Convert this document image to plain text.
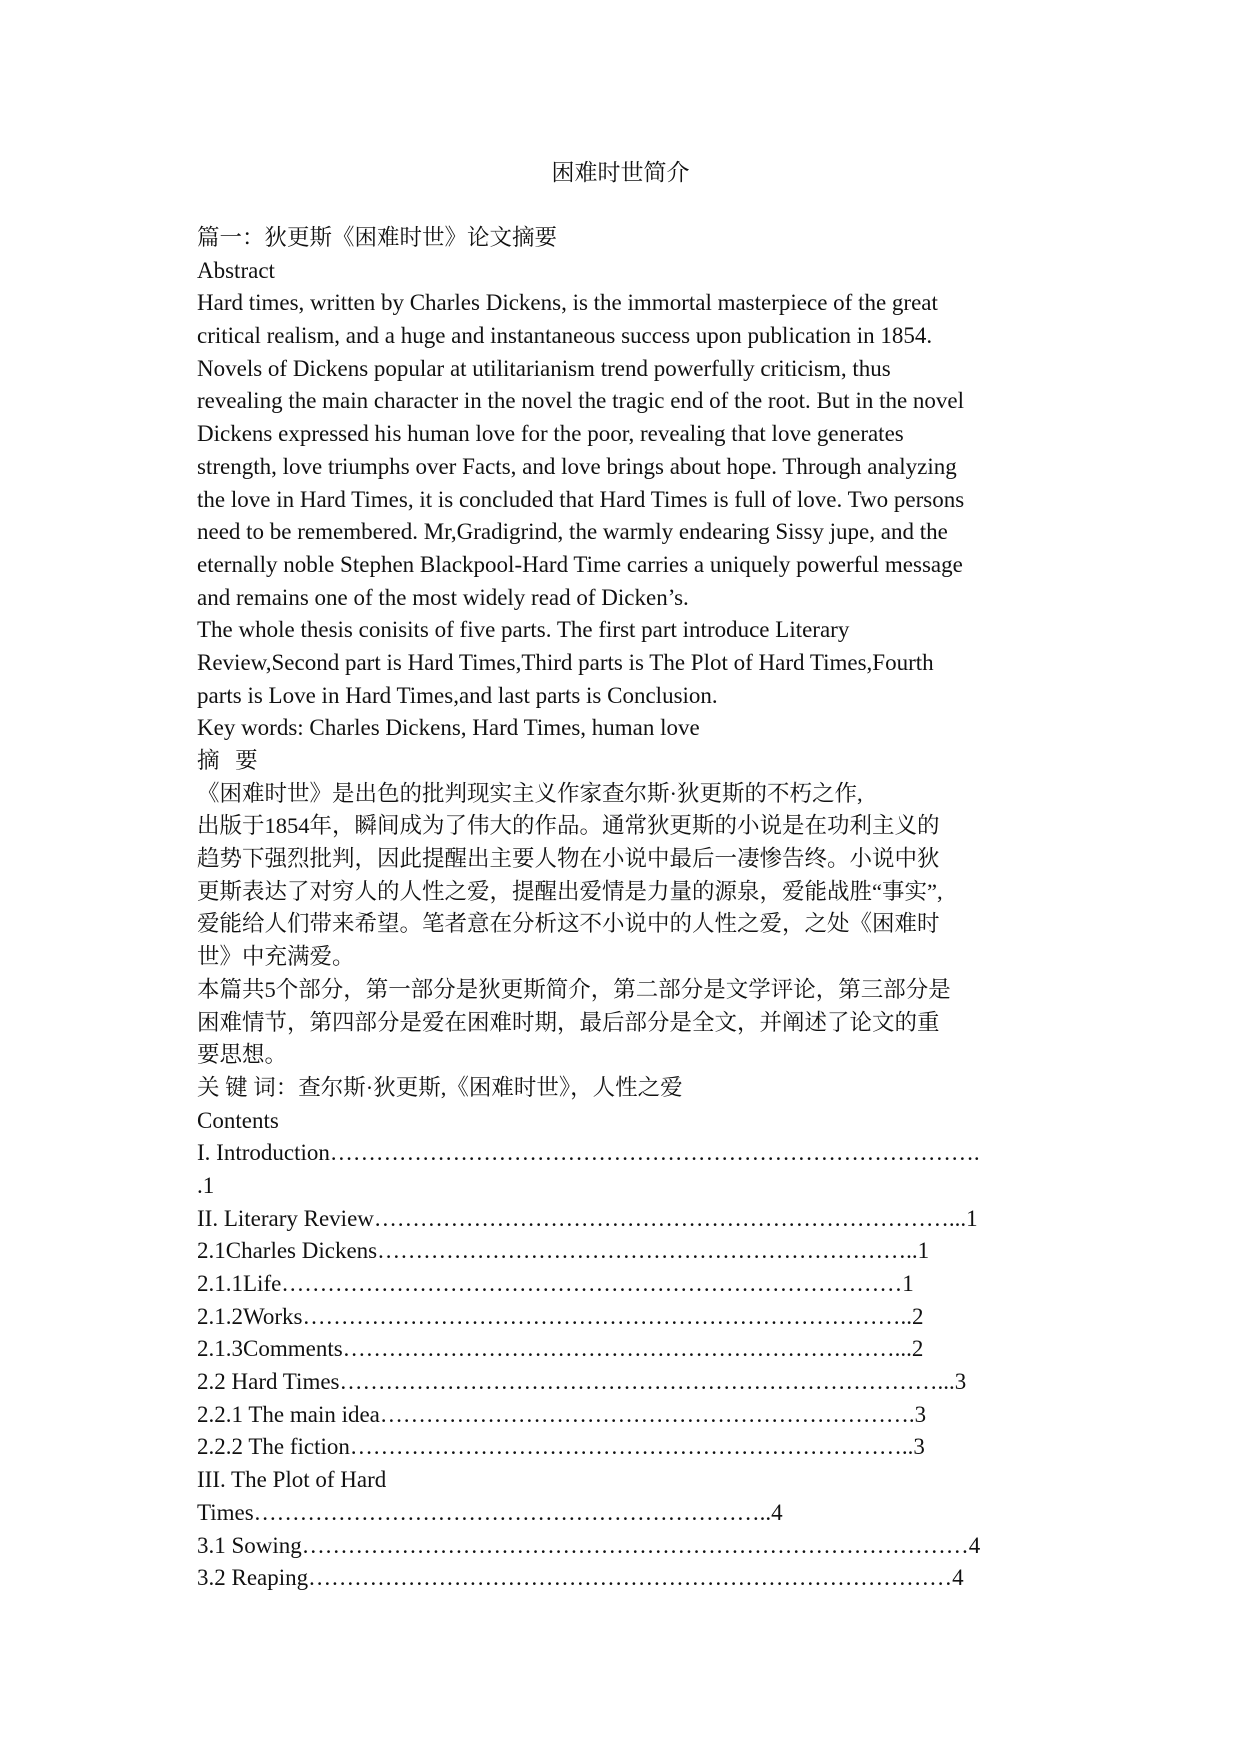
困难时世简介
篇一：狄更斯《困难时世》论文摘要
Abstract
Hard times, written by Charles Dickens, is the immortal masterpiece of the great
critical realism, and a huge and instantaneous success upon publication in 1854.
Novels of Dickens popular at utilitarianism trend powerfully criticism, thus
revealing the main character in the novel the tragic end of the root. But in the novel
Dickens expressed his human love for the poor, revealing that love generates
strength, love triumphs over Facts, and love brings about hope. Through analyzing
the love in Hard Times, it is concluded that Hard Times is full of love. Two persons
need to be remembered. Mr,Gradigrind, the warmly endearing Sissy jupe, and the
eternally noble Stephen Blackpool-Hard Time carries a uniquely powerful message
and remains one of the most widely read of Dicken’s.
The whole thesis conisits of five parts. The first part introduce Literary
Review,Second part is Hard Times,Third parts is The Plot of Hard Times,Fourth
parts is Love in Hard Times,and last parts is Conclusion.
Key words: Charles Dickens, Hard Times, human love
摘 要
《困难时世》是出色的批判现实主义作家查尔斯·狄更斯的不朽之作,
出版于1854年，瞬间成为了伟大的作品。通常狄更斯的小说是在功利主义的
趋势下强烈批判，因此提醒出主要人物在小说中最后一凄惨告终。小说中狄
更斯表达了对穷人的人性之爱，提醒出爱情是力量的源泉，爱能战胜“事实”,
爱能给人们带来希望。笔者意在分析这不小说中的人性之爱，之处《困难时
世》中充满爱。
本篇共5个部分，第一部分是狄更斯简介，第二部分是文学评论，第三部分是
困难情节，第四部分是爱在困难时期，最后部分是全文，并阐述了论文的重
要思想。
关 键 词：查尔斯·狄更斯,《困难时世》，人性之爱
Contents
I. Introduction………………………………………………………………………….
.1
II. Literary Review…………………………………………………………………...1
2.1Charles Dickens……………………………………………………………..1
2.1.1Life………………………………………………………………………1
2.1.2Works……………………………………………………………………..2
2.1.3Comments………………………………………………………………...2
2.2 Hard Times……………………………………………………………………...3
2.2.1 The main idea…………………………………………………………….3
2.2.2 The fiction………………………………………………………………..3
III. The Plot of Hard
Times…………………………………………………………..4
3.1 Sowing……………………………………………………………………………4
3.2 Reaping…………………………………………………………………………4
